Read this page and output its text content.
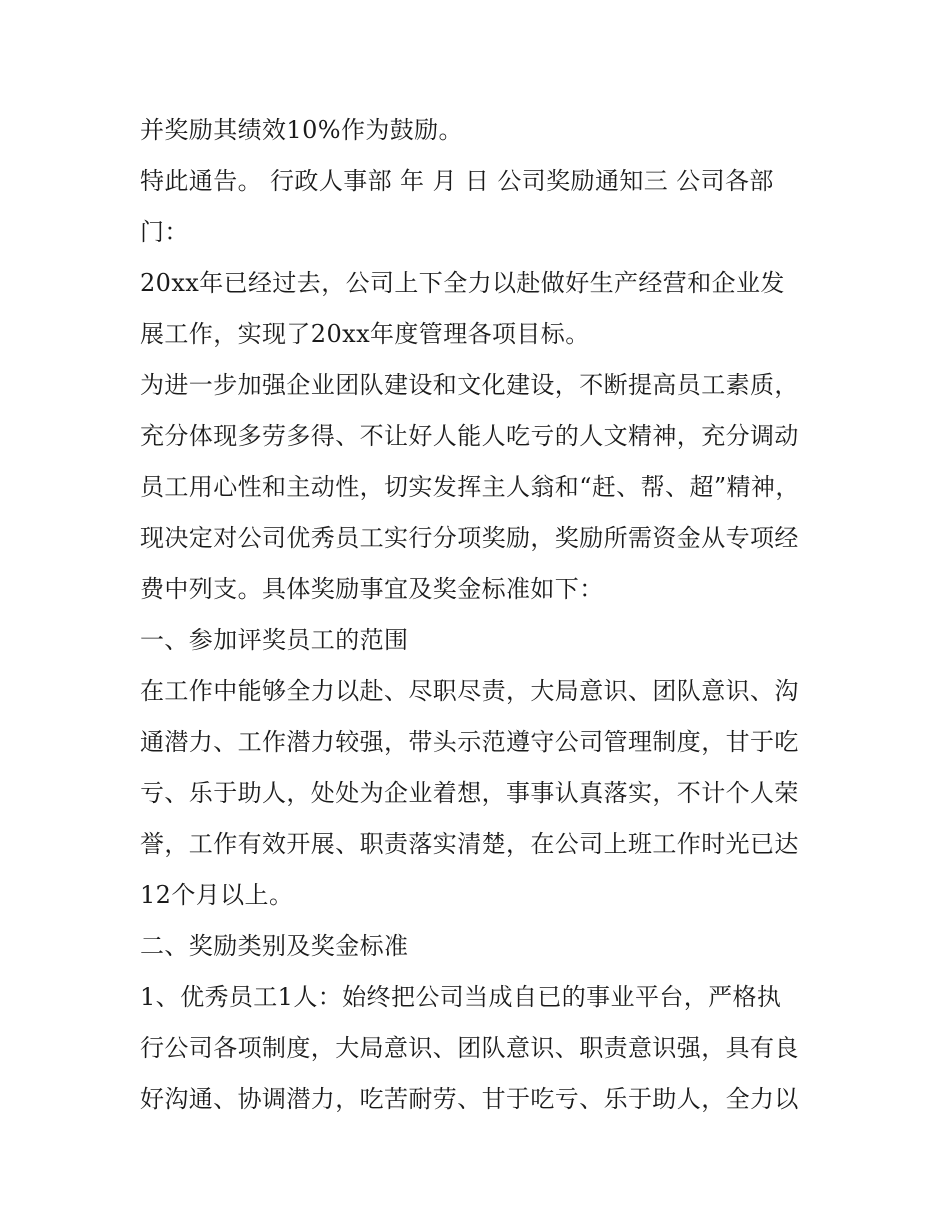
并奖励其绩效10%作为鼓励。
特此通告。 行政人事部 年 月 日 公司奖励通知三 公司各部
门：
20xx年已经过去，公司上下全力以赴做好生产经营和企业发
展工作，实现了20xx年度管理各项目标。
为进一步加强企业团队建设和文化建设，不断提高员工素质，
充分体现多劳多得、不让好人能人吃亏的人文精神，充分调动
员工用心性和主动性，切实发挥主人翁和“赶、帮、超”精神，
现决定对公司优秀员工实行分项奖励，奖励所需资金从专项经
费中列支。具体奖励事宜及奖金标准如下：
一、参加评奖员工的范围
在工作中能够全力以赴、尽职尽责，大局意识、团队意识、沟
通潜力、工作潜力较强，带头示范遵守公司管理制度，甘于吃
亏、乐于助人，处处为企业着想，事事认真落实，不计个人荣
誉，工作有效开展、职责落实清楚，在公司上班工作时光已达
12个月以上。
二、奖励类别及奖金标准
1、优秀员工1人：始终把公司当成自已的事业平台，严格执
行公司各项制度，大局意识、团队意识、职责意识强，具有良
好沟通、协调潜力，吃苦耐劳、甘于吃亏、乐于助人，全力以
